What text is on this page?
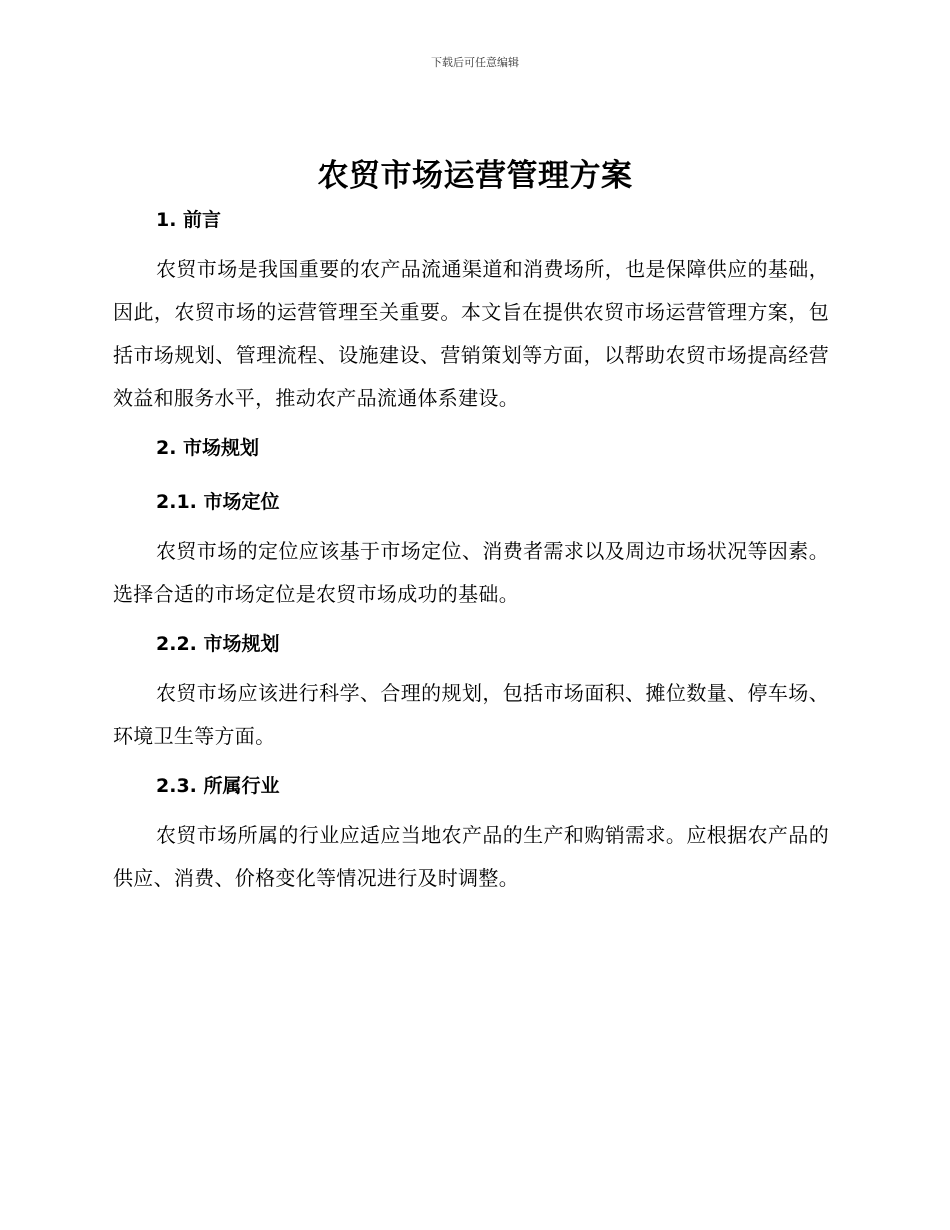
下载后可任意编辑
农贸市场运营管理方案

1. 前言

农贸市场是我国重要的农产品流通渠道和消费场所，也是保障供应的基础，因此，农贸市场的运营管理至关重要。本文旨在提供农贸市场运营管理方案，包括市场规划、管理流程、设施建设、营销策划等方面，以帮助农贸市场提高经营效益和服务水平，推动农产品流通体系建设。

2. 市场规划

2.1. 市场定位

农贸市场的定位应该基于市场定位、消费者需求以及周边市场状况等因素。选择合适的市场定位是农贸市场成功的基础。

2.2. 市场规划

农贸市场应该进行科学、合理的规划，包括市场面积、摊位数量、停车场、环境卫生等方面。

2.3. 所属行业

农贸市场所属的行业应适应当地农产品的生产和购销需求。应根据农产品的供应、消费、价格变化等情况进行及时调整。
